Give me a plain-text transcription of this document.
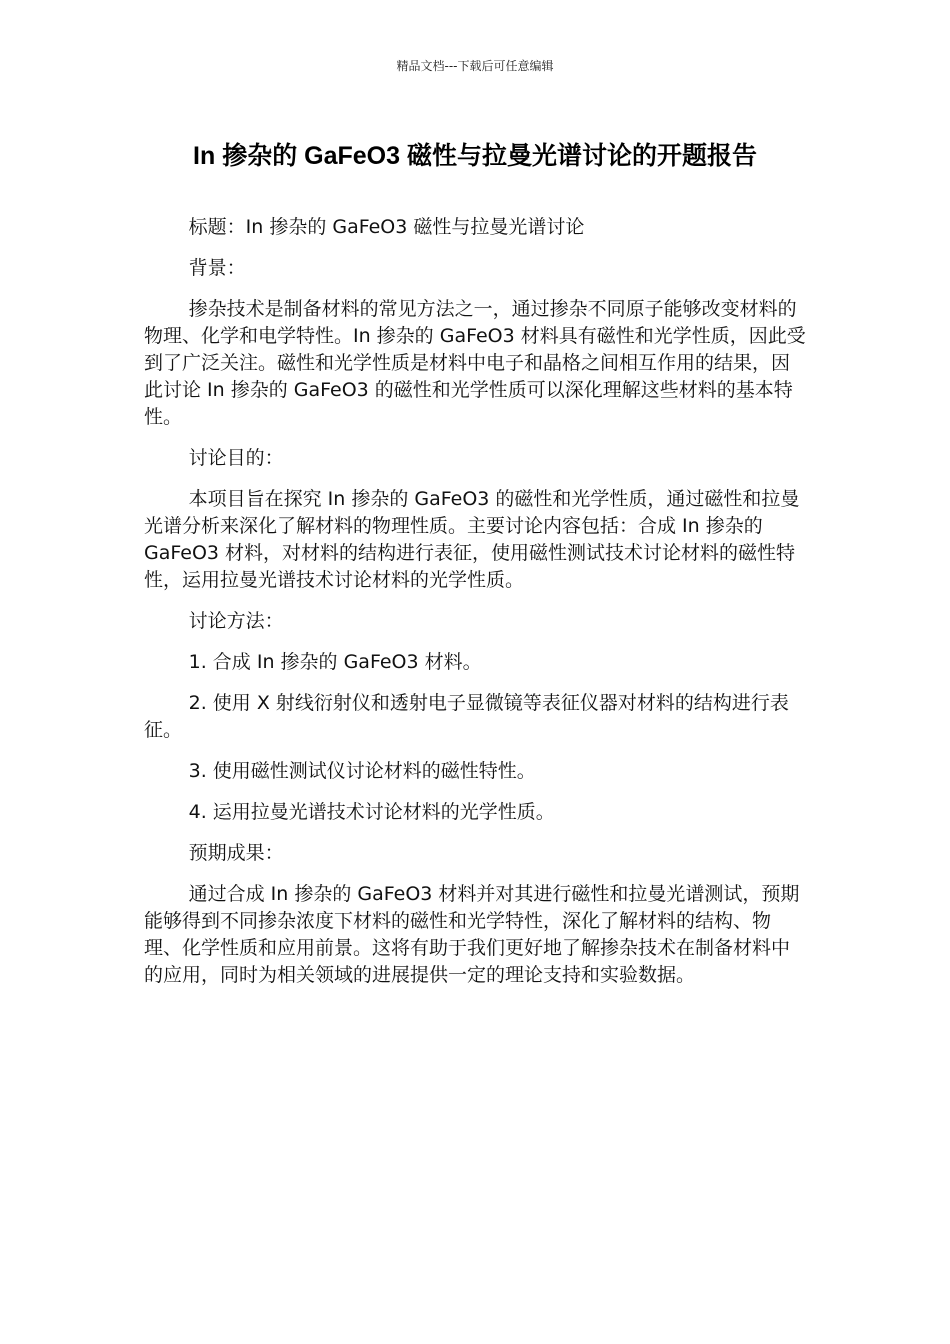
精品文档---下载后可任意编辑
In 掺杂的 GaFeO3 磁性与拉曼光谱讨论的开题报告

标题：In 掺杂的 GaFeO3 磁性与拉曼光谱讨论

背景：

掺杂技术是制备材料的常见方法之一，通过掺杂不同原子能够改变材料的物理、化学和电学特性。In 掺杂的 GaFeO3 材料具有磁性和光学性质，因此受到了广泛关注。磁性和光学性质是材料中电子和晶格之间相互作用的结果，因此讨论 In 掺杂的 GaFeO3 的磁性和光学性质可以深化理解这些材料的基本特性。

讨论目的：

本项目旨在探究 In 掺杂的 GaFeO3 的磁性和光学性质，通过磁性和拉曼光谱分析来深化了解材料的物理性质。主要讨论内容包括：合成 In 掺杂的 GaFeO3 材料，对材料的结构进行表征，使用磁性测试技术讨论材料的磁性特性，运用拉曼光谱技术讨论材料的光学性质。

讨论方法：

1. 合成 In 掺杂的 GaFeO3 材料。

2. 使用 X 射线衍射仪和透射电子显微镜等表征仪器对材料的结构进行表征。

3. 使用磁性测试仪讨论材料的磁性特性。

4. 运用拉曼光谱技术讨论材料的光学性质。

预期成果：

通过合成 In 掺杂的 GaFeO3 材料并对其进行磁性和拉曼光谱测试，预期能够得到不同掺杂浓度下材料的磁性和光学特性，深化了解材料的结构、物理、化学性质和应用前景。这将有助于我们更好地了解掺杂技术在制备材料中的应用，同时为相关领域的进展提供一定的理论支持和实验数据。
